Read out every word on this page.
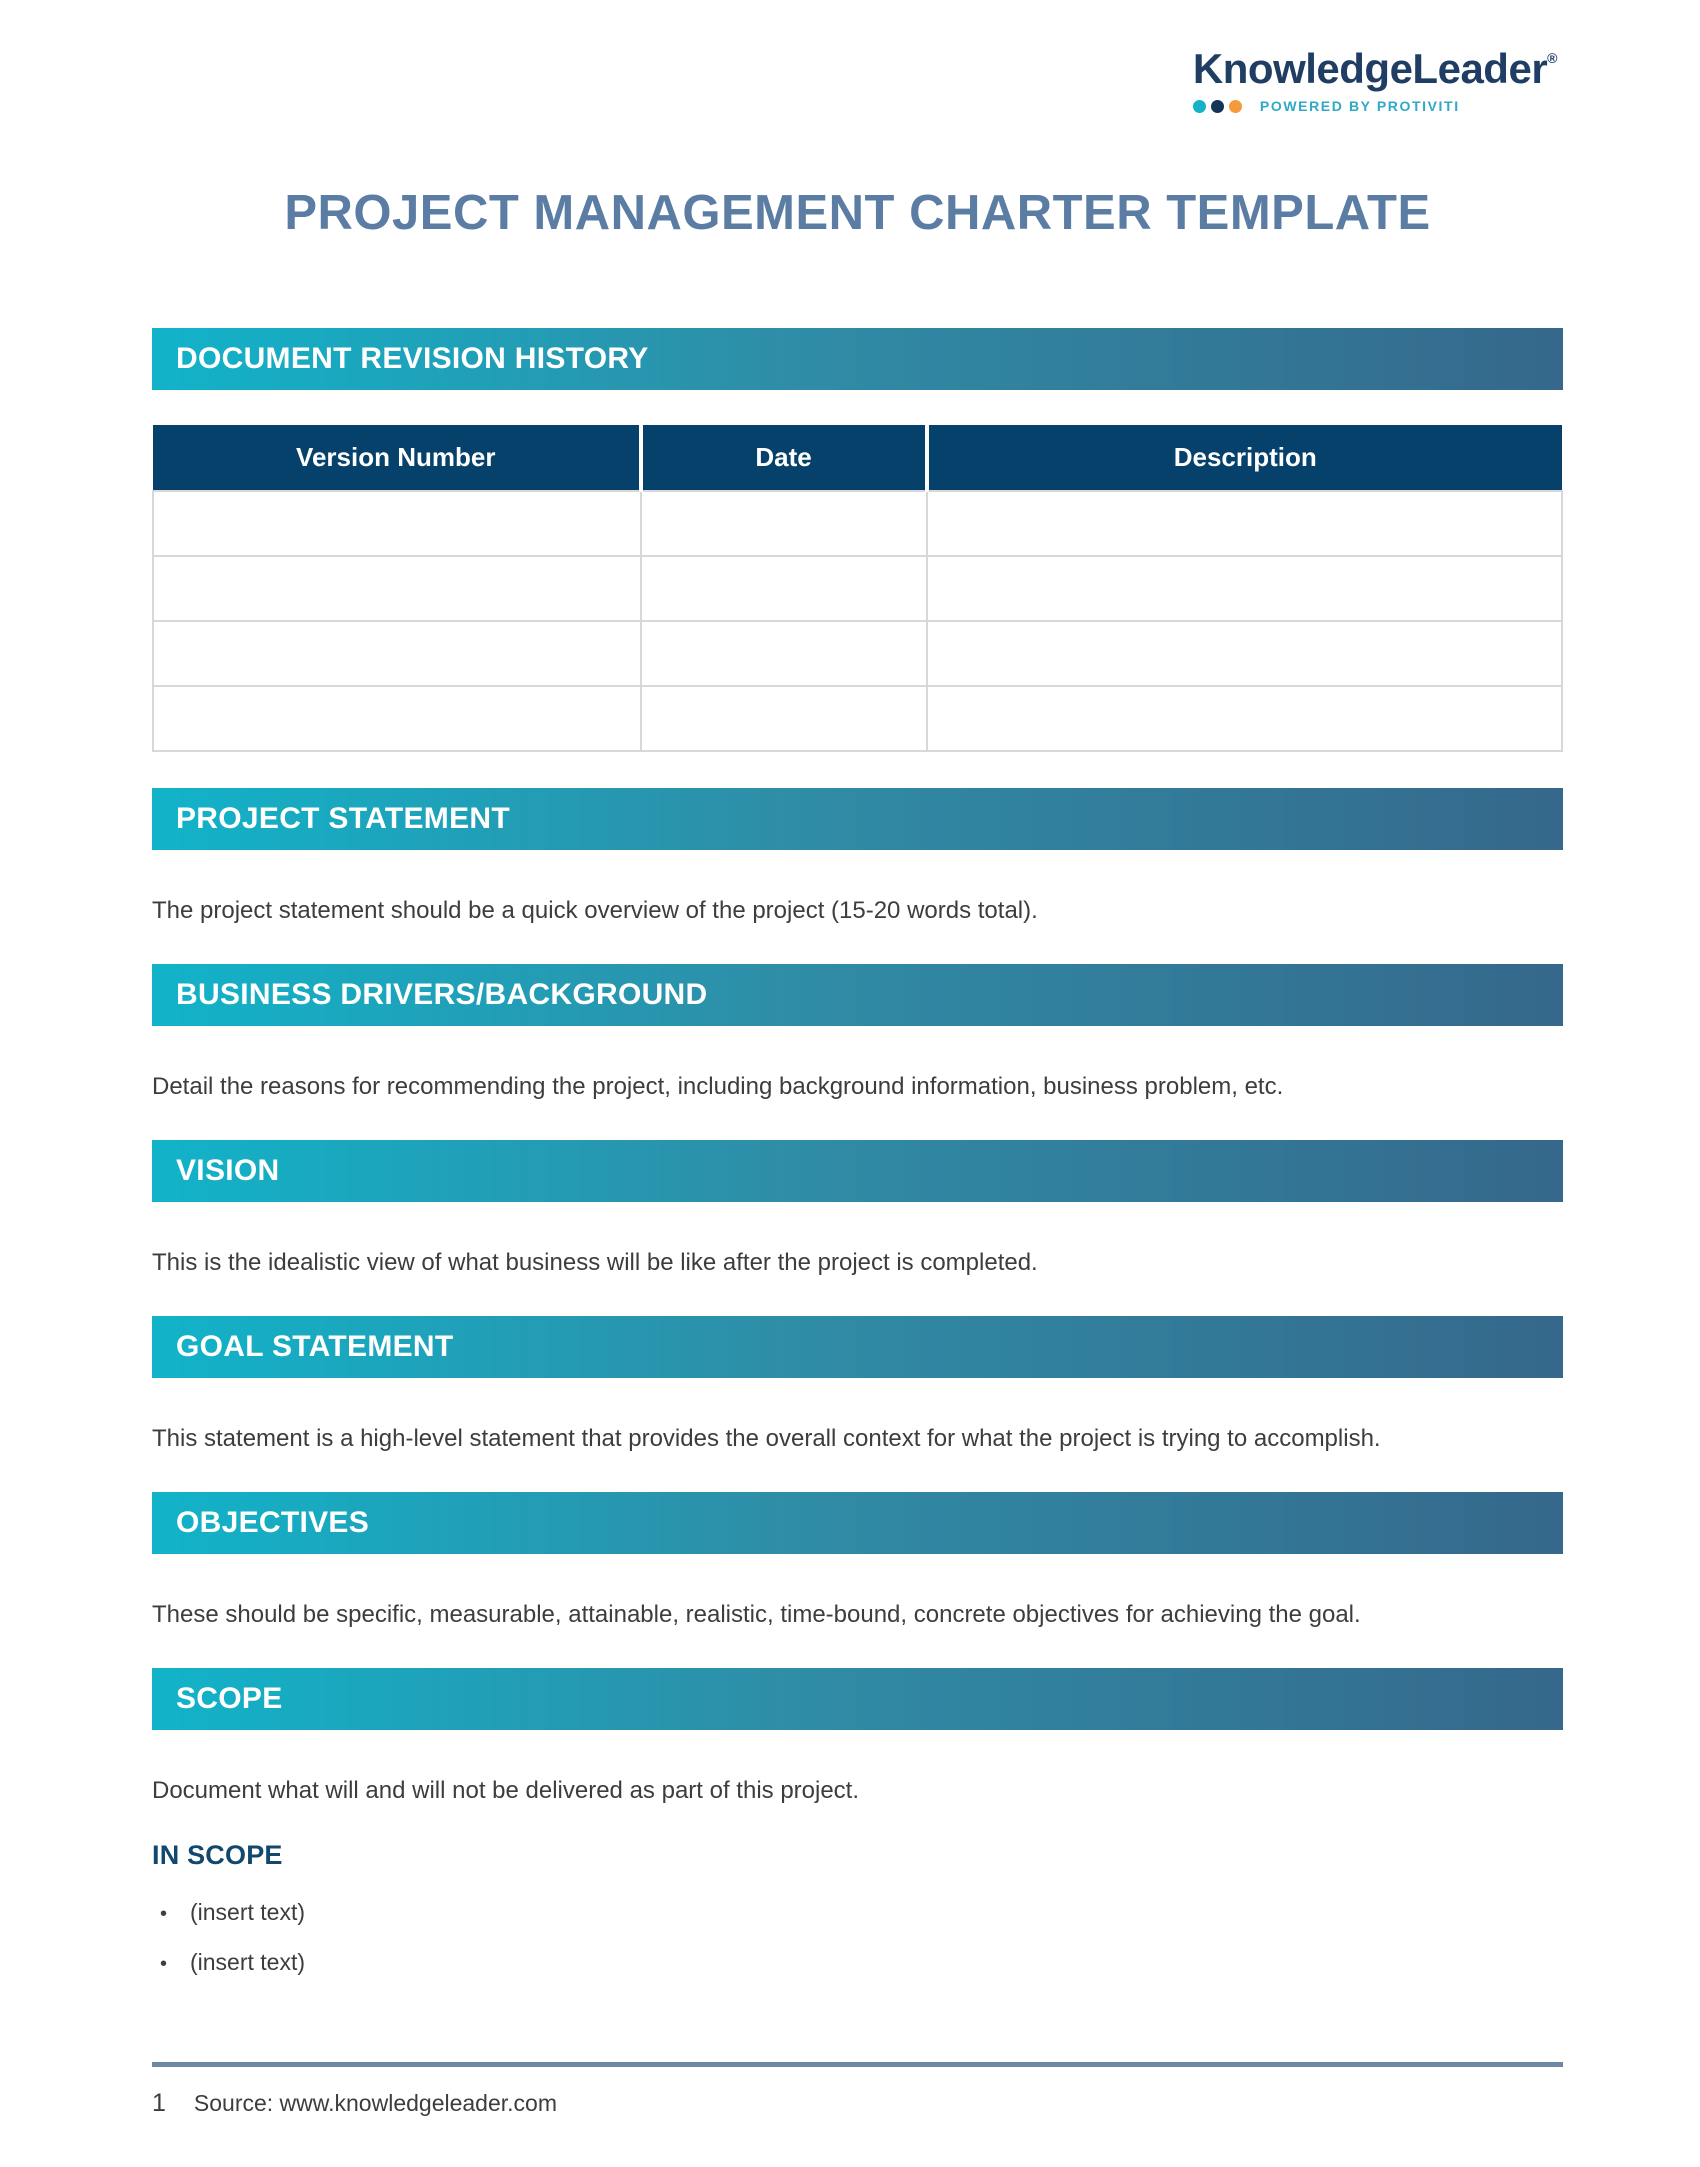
KnowledgeLeader®
POWERED BY PROTIVITI
PROJECT MANAGEMENT CHARTER TEMPLATE
DOCUMENT REVISION HISTORY
Version Number	Date	Description

PROJECT STATEMENT

The project statement should be a quick overview of the project (15-20 words total).

BUSINESS DRIVERS/BACKGROUND

Detail the reasons for recommending the project, including background information, business problem, etc.

VISION

This is the idealistic view of what business will be like after the project is completed.

GOAL STATEMENT

This statement is a high-level statement that provides the overall context for what the project is trying to accomplish.

OBJECTIVES

These should be specific, measurable, attainable, realistic, time-bound, concrete objectives for achieving the goal.

SCOPE

Document what will and will not be delivered as part of this project.

IN SCOPE
• (insert text)
• (insert text)
1 Source: www.knowledgeleader.com
